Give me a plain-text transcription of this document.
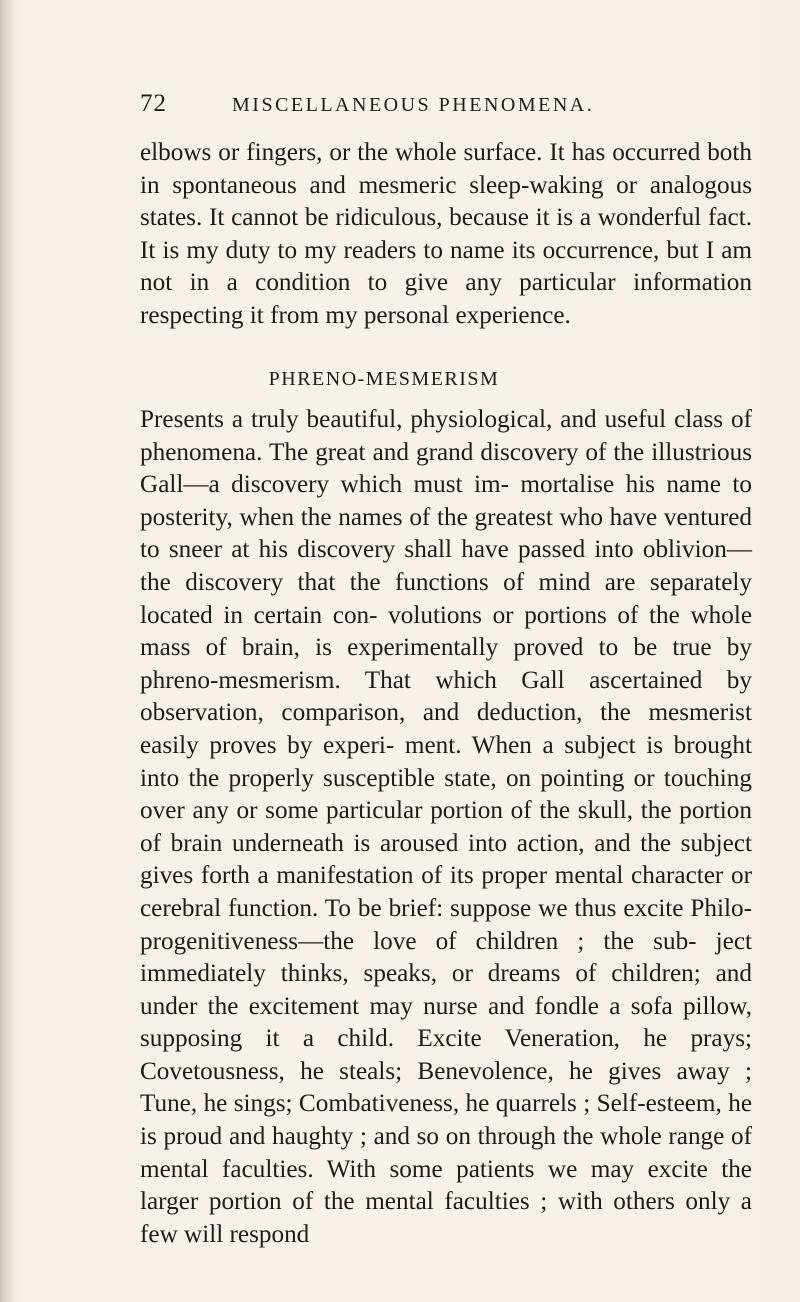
72	MISCELLANEOUS PHENOMENA.

elbows or fingers, or the whole surface. It has occurred both in spontaneous and mesmeric sleep-waking or analogous states. It cannot be ridiculous, because it is a wonderful fact. It is my duty to my readers to name its occurrence, but I am not in a condition to give any particular information respecting it from my personal experience.

PHRENO-MESMERISM

Presents a truly beautiful, physiological, and useful class of phenomena. The great and grand discovery of the illustrious Gall—a discovery which must im- mortalise his name to posterity, when the names of the greatest who have ventured to sneer at his discovery shall have passed into oblivion—the discovery that the functions of mind are separately located in certain con- volutions or portions of the whole mass of brain, is experimentally proved to be true by phreno-mesmerism. That which Gall ascertained by observation, comparison, and deduction, the mesmerist easily proves by experi- ment. When a subject is brought into the properly susceptible state, on pointing or touching over any or some particular portion of the skull, the portion of brain underneath is aroused into action, and the subject gives forth a manifestation of its proper mental character or cerebral function. To be brief: suppose we thus excite Philo-progenitiveness—the love of children ; the sub- ject immediately thinks, speaks, or dreams of children; and under the excitement may nurse and fondle a sofa pillow, supposing it a child. Excite Veneration, he prays; Covetousness, he steals; Benevolence, he gives away ; Tune, he sings; Combativeness, he quarrels ; Self-esteem, he is proud and haughty ; and so on through the whole range of mental faculties. With some patients we may excite the larger portion of the mental faculties ; with others only a few will respond
